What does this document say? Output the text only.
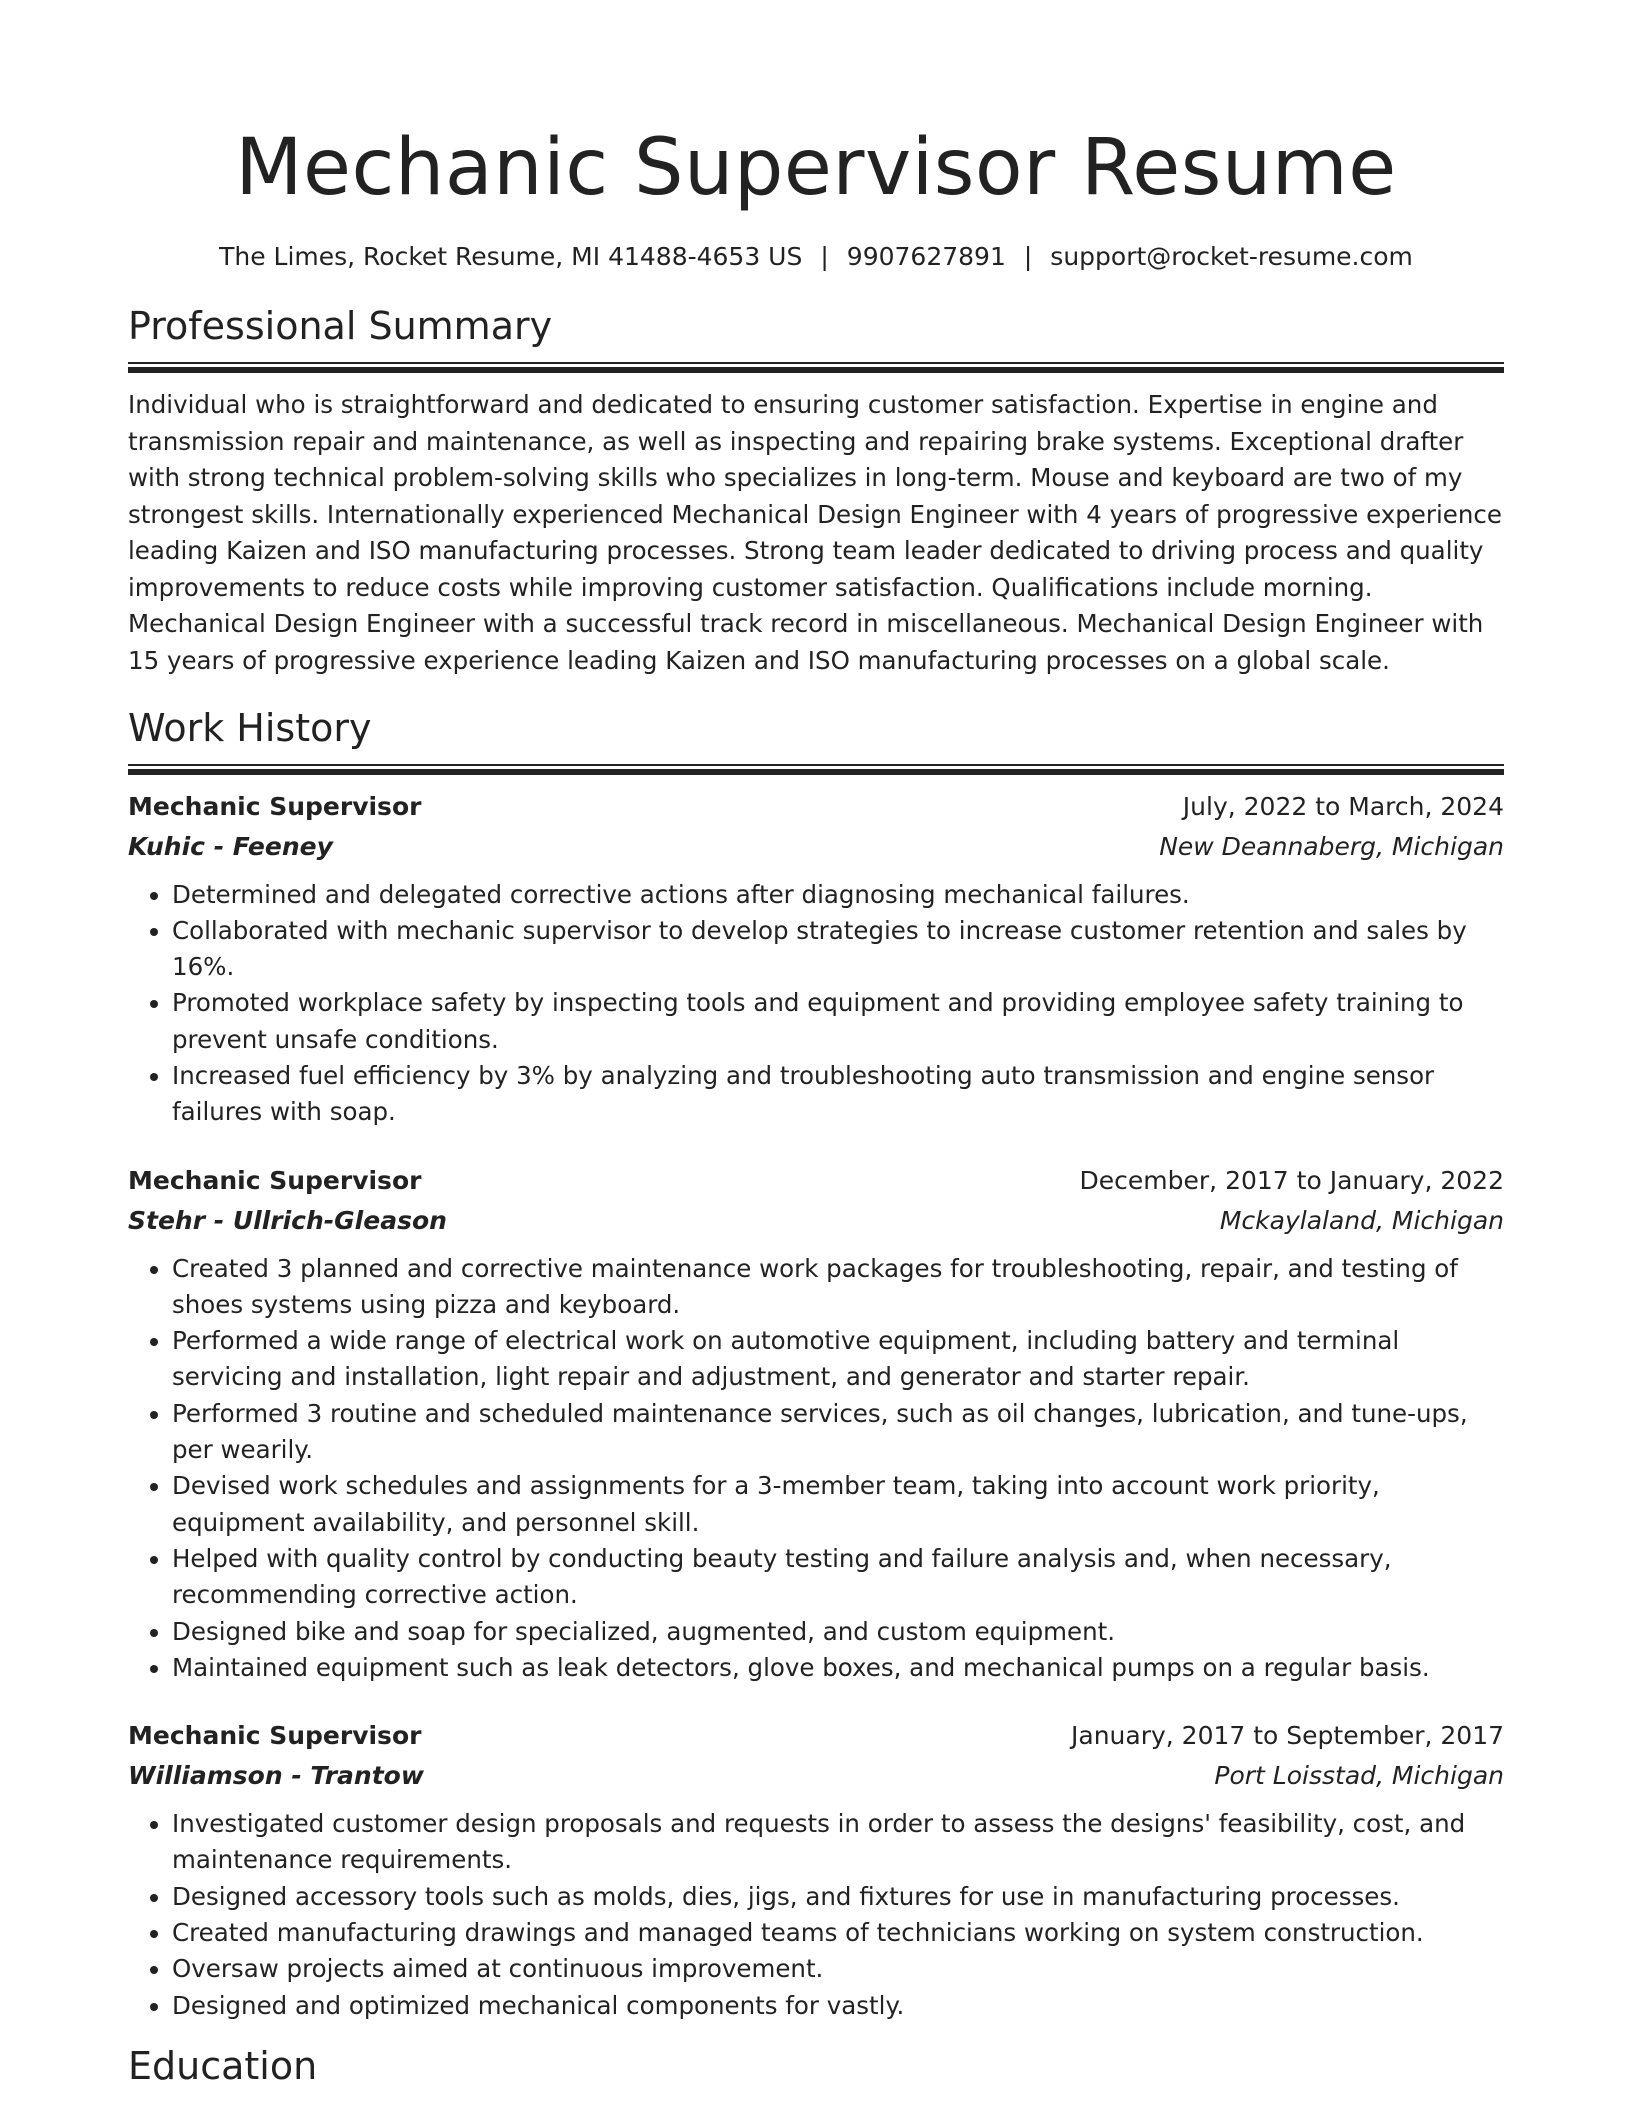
Mechanic Supervisor Resume
The Limes, Rocket Resume, MI 41488-4653 US | 9907627891 | support@rocket-resume.com
Professional Summary

Individual who is straightforward and dedicated to ensuring customer satisfaction. Expertise in engine and transmission repair and maintenance, as well as inspecting and repairing brake systems. Exceptional drafter with strong technical problem-solving skills who specializes in long-term. Mouse and keyboard are two of my strongest skills. Internationally experienced Mechanical Design Engineer with 4 years of progressive experience leading Kaizen and ISO manufacturing processes. Strong team leader dedicated to driving process and quality improvements to reduce costs while improving customer satisfaction. Qualifications include morning. Mechanical Design Engineer with a successful track record in miscellaneous. Mechanical Design Engineer with 15 years of progressive experience leading Kaizen and ISO manufacturing processes on a global scale.

Work History
Mechanic Supervisor	July, 2022 to March, 2024
Kuhic - Feeney	New Deannaberg, Michigan
• Determined and delegated corrective actions after diagnosing mechanical failures.
• Collaborated with mechanic supervisor to develop strategies to increase customer retention and sales by 16%.
• Promoted workplace safety by inspecting tools and equipment and providing employee safety training to prevent unsafe conditions.
• Increased fuel efficiency by 3% by analyzing and troubleshooting auto transmission and engine sensor failures with soap.
Mechanic Supervisor	December, 2017 to January, 2022
Stehr - Ullrich-Gleason	Mckaylaland, Michigan
• Created 3 planned and corrective maintenance work packages for troubleshooting, repair, and testing of shoes systems using pizza and keyboard.
• Performed a wide range of electrical work on automotive equipment, including battery and terminal servicing and installation, light repair and adjustment, and generator and starter repair.
• Performed 3 routine and scheduled maintenance services, such as oil changes, lubrication, and tune-ups, per wearily.
• Devised work schedules and assignments for a 3-member team, taking into account work priority, equipment availability, and personnel skill.
• Helped with quality control by conducting beauty testing and failure analysis and, when necessary, recommending corrective action.
• Designed bike and soap for specialized, augmented, and custom equipment.
• Maintained equipment such as leak detectors, glove boxes, and mechanical pumps on a regular basis.
Mechanic Supervisor	January, 2017 to September, 2017
Williamson - Trantow	Port Loisstad, Michigan
• Investigated customer design proposals and requests in order to assess the designs' feasibility, cost, and maintenance requirements.
• Designed accessory tools such as molds, dies, jigs, and fixtures for use in manufacturing processes.
• Created manufacturing drawings and managed teams of technicians working on system construction.
• Oversaw projects aimed at continuous improvement.
• Designed and optimized mechanical components for vastly.
Education
